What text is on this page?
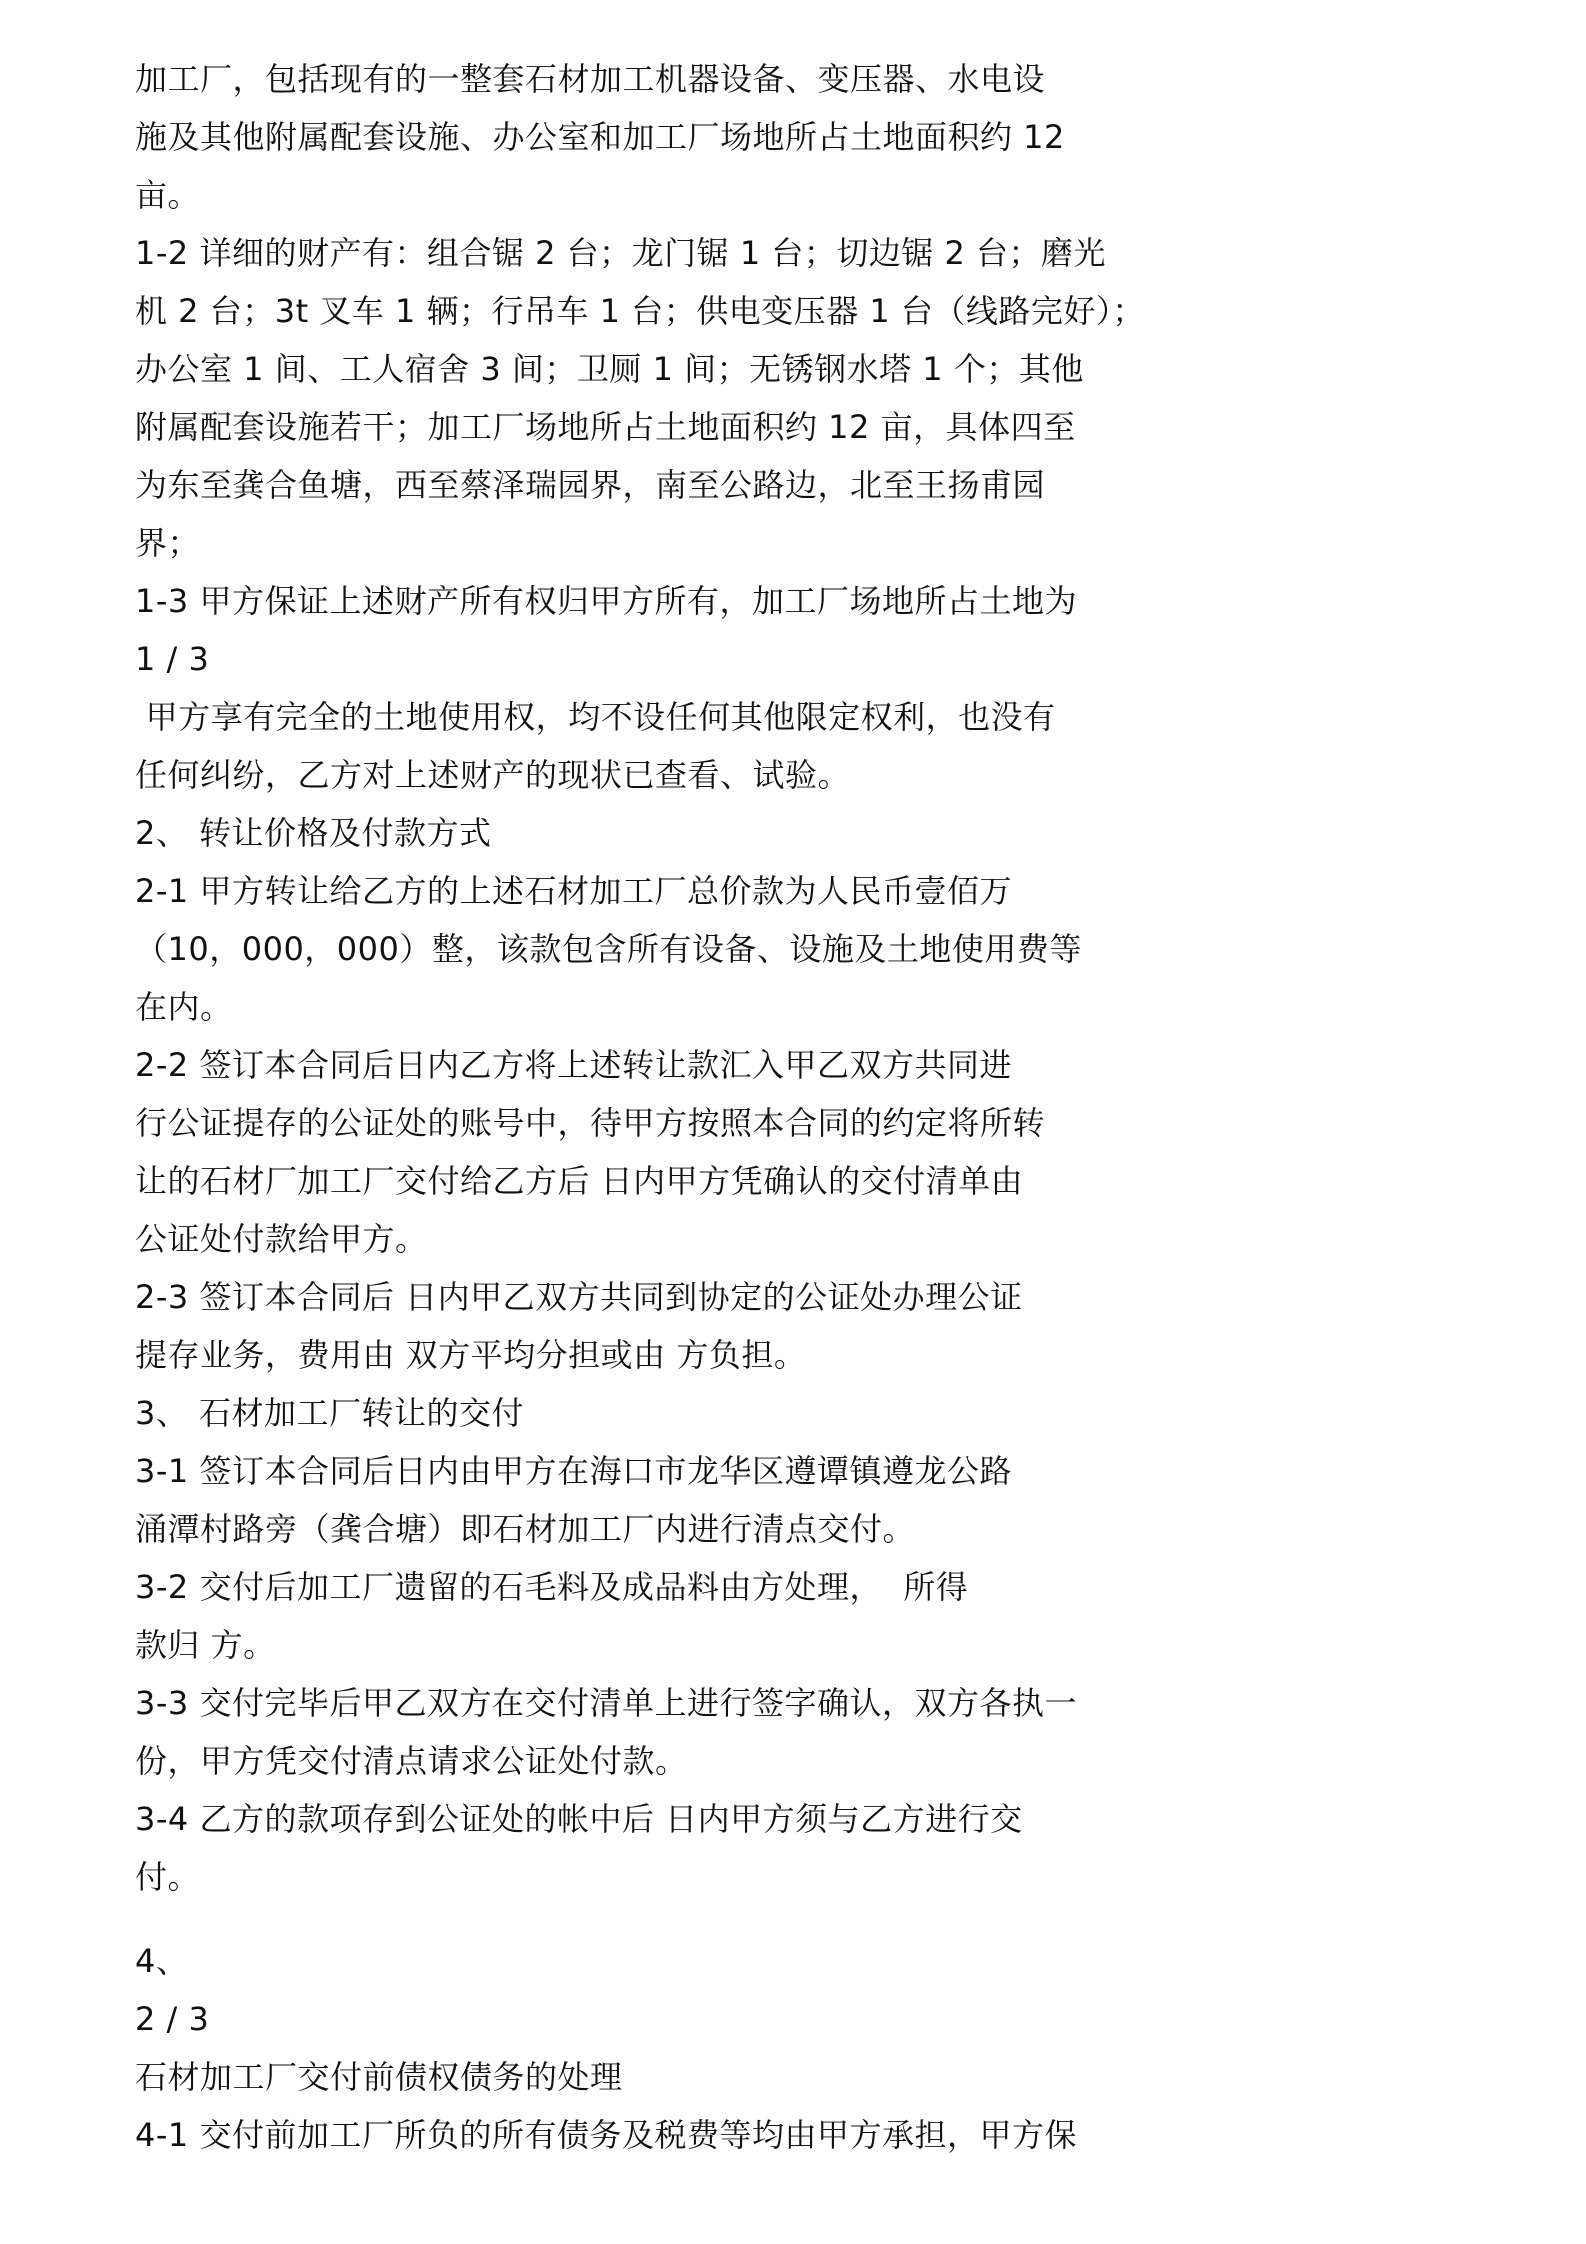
加工厂，包括现有的一整套石材加工机器设备、变压器、水电设
施及其他附属配套设施、办公室和加工厂场地所占土地面积约 12
亩。
1-2 详细的财产有：组合锯 2 台；龙门锯 1 台；切边锯 2 台；磨光
机 2 台；3t 叉车 1 辆；行吊车 1 台；供电变压器 1 台（线路完好）；
办公室 1 间、工人宿舍 3 间；卫厕 1 间；无锈钢水塔 1 个；其他
附属配套设施若干；加工厂场地所占土地面积约 12 亩，具体四至
为东至龚合鱼塘，西至蔡泽瑞园界，南至公路边，北至王扬甫园
界；
1-3 甲方保证上述财产所有权归甲方所有，加工厂场地所占土地为
1 / 3
甲方享有完全的土地使用权，均不设任何其他限定权利，也没有
任何纠纷，乙方对上述财产的现状已查看、试验。
2、 转让价格及付款方式
2-1 甲方转让给乙方的上述石材加工厂总价款为人民币壹佰万
（10，000，000）整，该款包含所有设备、设施及土地使用费等
在内。
2-2 签订本合同后日内乙方将上述转让款汇入甲乙双方共同进
行公证提存的公证处的账号中，待甲方按照本合同的约定将所转
让的石材厂加工厂交付给乙方后 日内甲方凭确认的交付清单由
公证处付款给甲方。
2-3 签订本合同后 日内甲乙双方共同到协定的公证处办理公证
提存业务，费用由 双方平均分担或由 方负担。
3、 石材加工厂转让的交付
3-1 签订本合同后日内由甲方在海口市龙华区遵谭镇遵龙公路
涌潭村路旁（龚合塘）即石材加工厂内进行清点交付。
3-2 交付后加工厂遗留的石毛料及成品料由方处理，  所得
款归 方。
3-3 交付完毕后甲乙双方在交付清单上进行签字确认，双方各执一
份，甲方凭交付清点请求公证处付款。
3-4 乙方的款项存到公证处的帐中后 日内甲方须与乙方进行交
付。
4、
2 / 3
石材加工厂交付前债权债务的处理
4-1 交付前加工厂所负的所有债务及税费等均由甲方承担，甲方保
